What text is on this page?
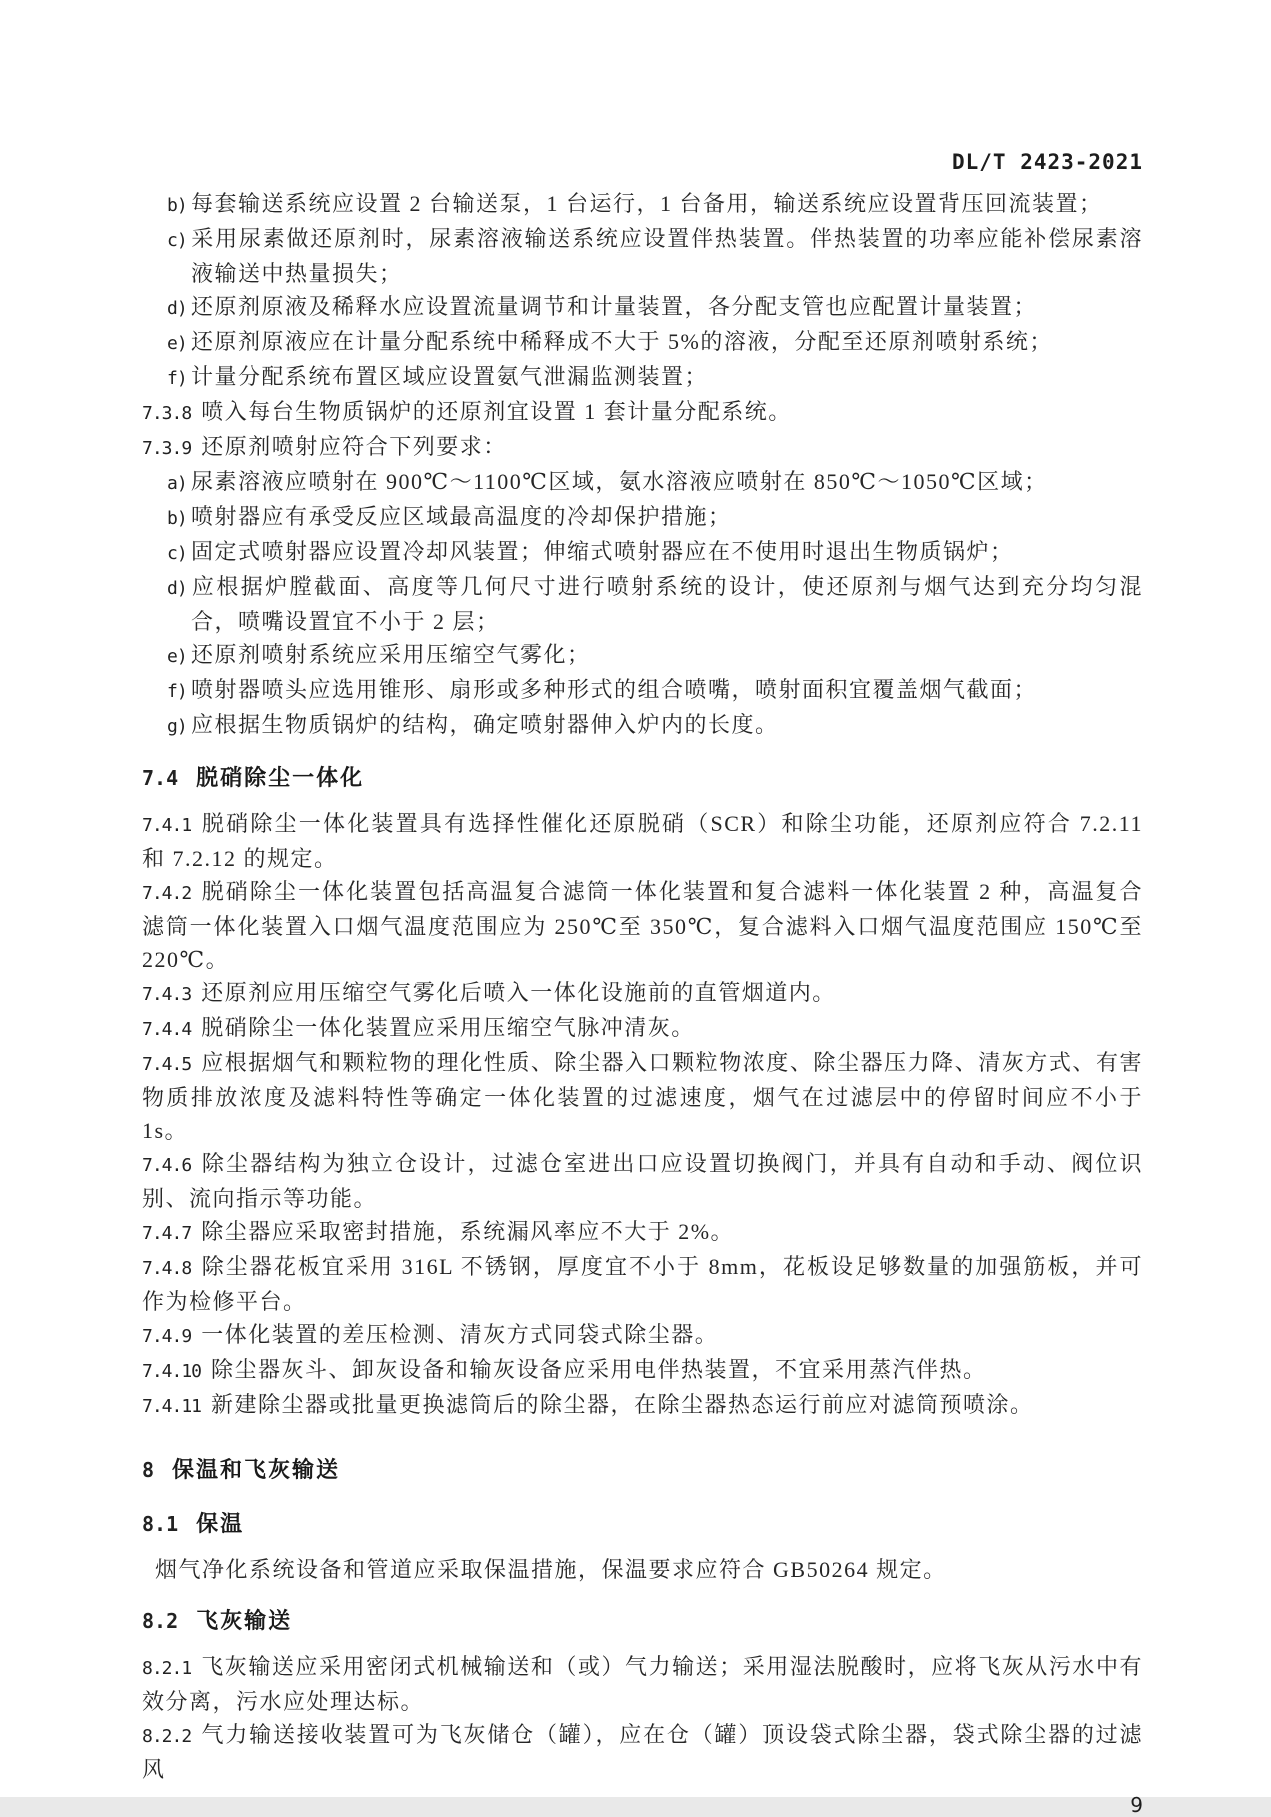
DL/T 2423-2021
b) 每套输送系统应设置 2 台输送泵，1 台运行，1 台备用，输送系统应设置背压回流装置；
c) 采用尿素做还原剂时，尿素溶液输送系统应设置伴热装置。伴热装置的功率应能补偿尿素溶液输送中热量损失；
d) 还原剂原液及稀释水应设置流量调节和计量装置，各分配支管也应配置计量装置；
e) 还原剂原液应在计量分配系统中稀释成不大于 5%的溶液，分配至还原剂喷射系统；
f) 计量分配系统布置区域应设置氨气泄漏监测装置；
7.3.8 喷入每台生物质锅炉的还原剂宜设置 1 套计量分配系统。
7.3.9 还原剂喷射应符合下列要求：
a) 尿素溶液应喷射在 900℃～1100℃区域，氨水溶液应喷射在 850℃～1050℃区域；
b) 喷射器应有承受反应区域最高温度的冷却保护措施；
c) 固定式喷射器应设置冷却风装置；伸缩式喷射器应在不使用时退出生物质锅炉；
d) 应根据炉膛截面、高度等几何尺寸进行喷射系统的设计，使还原剂与烟气达到充分均匀混合，喷嘴设置宜不小于 2 层；
e) 还原剂喷射系统应采用压缩空气雾化；
f) 喷射器喷头应选用锥形、扇形或多种形式的组合喷嘴，喷射面积宜覆盖烟气截面；
g) 应根据生物质锅炉的结构，确定喷射器伸入炉内的长度。
7.4 脱硝除尘一体化
7.4.1 脱硝除尘一体化装置具有选择性催化还原脱硝（SCR）和除尘功能，还原剂应符合 7.2.11 和 7.2.12 的规定。
7.4.2 脱硝除尘一体化装置包括高温复合滤筒一体化装置和复合滤料一体化装置 2 种，高温复合滤筒一体化装置入口烟气温度范围应为 250℃至 350℃，复合滤料入口烟气温度范围应 150℃至 220℃。
7.4.3 还原剂应用压缩空气雾化后喷入一体化设施前的直管烟道内。
7.4.4 脱硝除尘一体化装置应采用压缩空气脉冲清灰。
7.4.5 应根据烟气和颗粒物的理化性质、除尘器入口颗粒物浓度、除尘器压力降、清灰方式、有害物质排放浓度及滤料特性等确定一体化装置的过滤速度，烟气在过滤层中的停留时间应不小于 1s。
7.4.6 除尘器结构为独立仓设计，过滤仓室进出口应设置切换阀门，并具有自动和手动、阀位识别、流向指示等功能。
7.4.7 除尘器应采取密封措施，系统漏风率应不大于 2%。
7.4.8 除尘器花板宜采用 316L 不锈钢，厚度宜不小于 8mm，花板设足够数量的加强筋板，并可作为检修平台。
7.4.9 一体化装置的差压检测、清灰方式同袋式除尘器。
7.4.10 除尘器灰斗、卸灰设备和输灰设备应采用电伴热装置，不宜采用蒸汽伴热。
7.4.11 新建除尘器或批量更换滤筒后的除尘器，在除尘器热态运行前应对滤筒预喷涂。
8 保温和飞灰输送
8.1 保温
烟气净化系统设备和管道应采取保温措施，保温要求应符合 GB50264 规定。
8.2 飞灰输送
8.2.1 飞灰输送应采用密闭式机械输送和（或）气力输送；采用湿法脱酸时，应将飞灰从污水中有效分离，污水应处理达标。
8.2.2 气力输送接收装置可为飞灰储仓（罐），应在仓（罐）顶设袋式除尘器，袋式除尘器的过滤风
9
